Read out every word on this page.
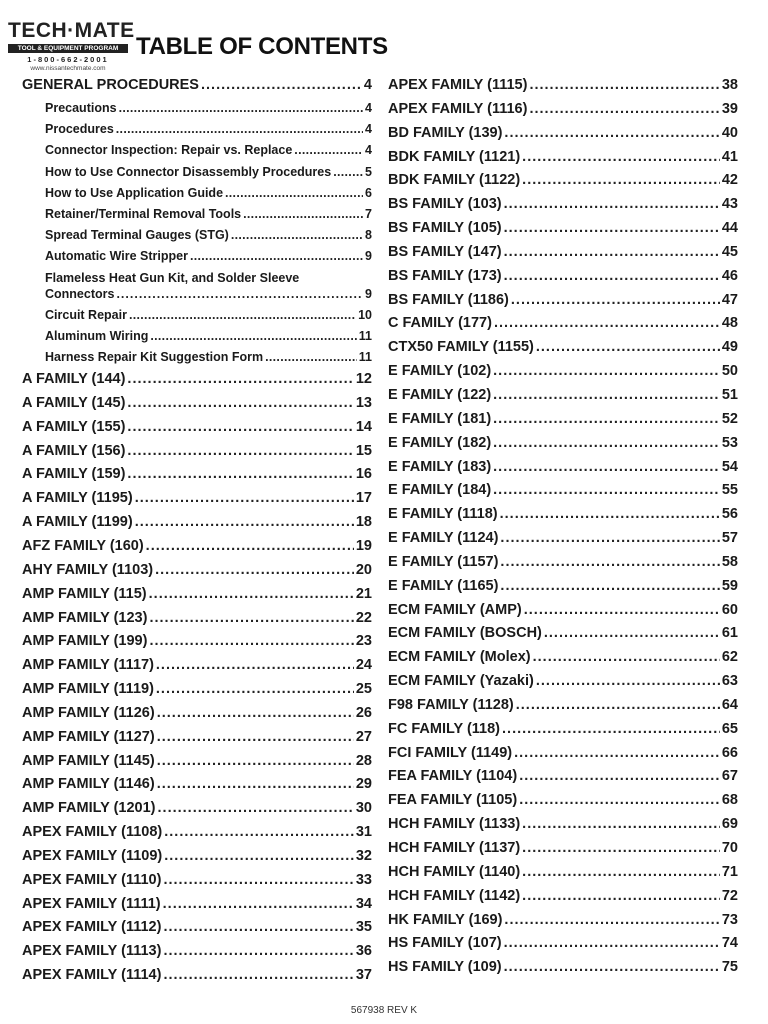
TECH·MATE
TOOL & EQUIPMENT PROGRAM
1-800-662-2001
www.nissantechmate.com
TABLE OF CONTENTS
GENERAL PROCEDURES .....	4
Precautions .....	4
Procedures .....	4
Connector Inspection: Repair vs. Replace .....	4
How to Use Connector Disassembly Procedures .....	5
How to Use Application Guide .....	6
Retainer/Terminal Removal Tools .....	7
Spread Terminal Gauges (STG) .....	8
Automatic Wire Stripper .....	9
Flameless Heat Gun Kit, and Solder Sleeve
Connectors .....	9
Circuit Repair .....	10
Aluminum Wiring .....	11
Harness Repair Kit Suggestion Form .....	11
A FAMILY (144) .....	12
A FAMILY (145) .....	13
A FAMILY (155) .....	14
A FAMILY (156) .....	15
A FAMILY (159) .....	16
A FAMILY (1195) .....	17
A FAMILY (1199) .....	18
AFZ FAMILY (160) .....	19
AHY FAMILY (1103) .....	20
AMP FAMILY (115) .....	21
AMP FAMILY (123) .....	22
AMP FAMILY (199) .....	23
AMP FAMILY (1117) .....	24
AMP FAMILY (1119) .....	25
AMP FAMILY (1126) .....	26
AMP FAMILY (1127) .....	27
AMP FAMILY (1145) .....	28
AMP FAMILY (1146) .....	29
AMP FAMILY (1201) .....	30
APEX FAMILY (1108) .....	31
APEX FAMILY (1109) .....	32
APEX FAMILY (1110) .....	33
APEX FAMILY (1111) .....	34
APEX FAMILY (1112) .....	35
APEX FAMILY (1113) .....	36
APEX FAMILY (1114) .....	37
APEX FAMILY (1115) .....	38
APEX FAMILY (1116) .....	39
BD FAMILY (139) .....	40
BDK FAMILY (1121) .....	41
BDK FAMILY (1122) .....	42
BS FAMILY (103) .....	43
BS FAMILY (105) .....	44
BS FAMILY (147) .....	45
BS FAMILY (173) .....	46
BS FAMILY (1186) .....	47
C FAMILY (177) .....	48
CTX50 FAMILY (1155) .....	49
E FAMILY (102) .....	50
E FAMILY (122) .....	51
E FAMILY (181) .....	52
E FAMILY (182) .....	53
E FAMILY (183) .....	54
E FAMILY (184) .....	55
E FAMILY (1118) .....	56
E FAMILY (1124) .....	57
E FAMILY (1157) .....	58
E FAMILY (1165) .....	59
ECM FAMILY (AMP) .....	60
ECM FAMILY (BOSCH) .....	61
ECM FAMILY (Molex) .....	62
ECM FAMILY (Yazaki) .....	63
F98 FAMILY (1128) .....	64
FC FAMILY (118) .....	65
FCI FAMILY (1149) .....	66
FEA FAMILY (1104) .....	67
FEA FAMILY (1105) .....	68
HCH FAMILY (1133) .....	69
HCH FAMILY (1137) .....	70
HCH FAMILY (1140) .....	71
HCH FAMILY (1142) .....	72
HK FAMILY (169) .....	73
HS FAMILY (107) .....	74
HS FAMILY (109) .....	75
567938 REV K
